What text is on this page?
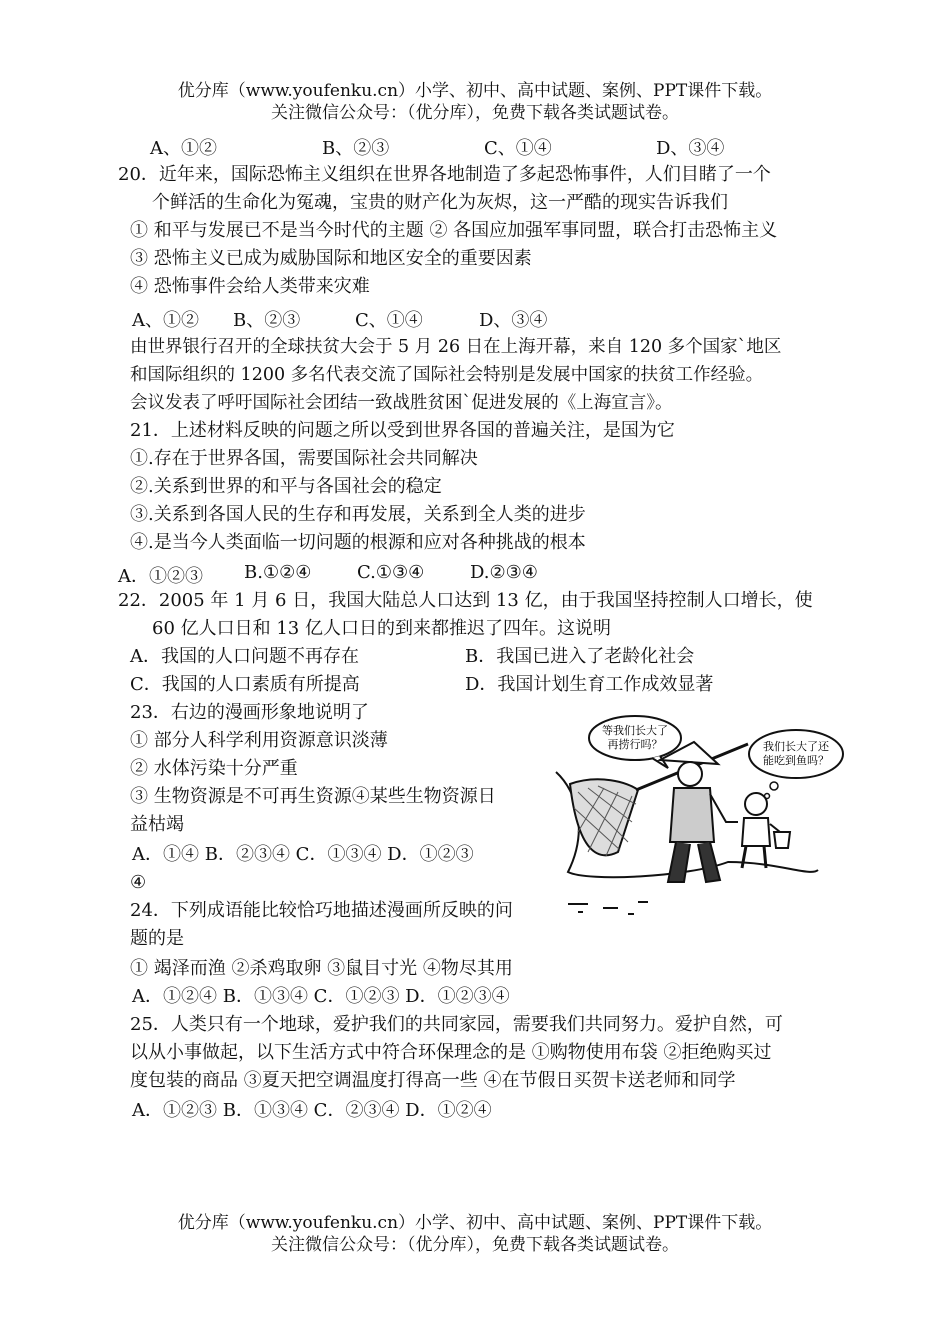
优分库（www.youfenku.cn）小学、初中、高中试题、案例、PPT课件下载。
关注微信公众号：（优分库），免费下载各类试题试卷。
A、①②	B、②③	C、①④	D、③④
20．近年来，国际恐怖主义组织在世界各地制造了多起恐怖事件，人们目睹了一个
个鲜活的生命化为冤魂，宝贵的财产化为灰烬，这一严酷的现实告诉我们
① 和平与发展已不是当今时代的主题 ② 各国应加强军事同盟，联合打击恐怖主义
③ 恐怖主义已成为威胁国际和地区安全的重要因素
④ 恐怖事件会给人类带来灾难
A、①② B、②③	C、①④	D、③④
由世界银行召开的全球扶贫大会于 5 月 26 日在上海开幕，来自 120 多个国家`地区
和国际组织的 1200 多名代表交流了国际社会特别是发展中国家的扶贫工作经验。
会议发表了呼吁国际社会团结一致战胜贫困`促进发展的《上海宣言》。
21．上述材料反映的问题之所以受到世界各国的普遍关注，是国为它
①.存在于世界各国，需要国际社会共同解决
②.关系到世界的和平与各国社会的稳定
③.关系到各国人民的生存和再发展，关系到全人类的进步
④.是当今人类面临一切问题的根源和应对各种挑战的根本
A．①②③ B.①②④	C.①③④	D.②③④
22．2005 年 1 月 6 日，我国大陆总人口达到 13 亿，由于我国坚持控制人口增长，使
60 亿人口日和 13 亿人口日的到来都推迟了四年。这说明
A．我国的人口问题不再存在	B．我国已进入了老龄化社会
C．我国的人口素质有所提高	D．我国计划生育工作成效显著
23．右边的漫画形象地说明了
① 部分人科学利用资源意识淡薄
② 水体污染十分严重
③ 生物资源是不可再生资源④某些生物资源日
益枯竭
A．①④ B．②③④ C．①③④ D．①②③
④
等我们长大了
再捞行吗？	我们长大了还
能吃到鱼吗？
24．下列成语能比较恰巧地描述漫画所反映的问
题的是
① 竭泽而渔 ②杀鸡取卵 ③鼠目寸光 ④物尽其用
A．①②④ B．①③④ C．①②③ D．①②③④
25．人类只有一个地球，爱护我们的共同家园，需要我们共同努力。爱护自然，可
以从小事做起，以下生活方式中符合环保理念的是 ①购物使用布袋 ②拒绝购买过
度包装的商品 ③夏天把空调温度打得高一些 ④在节假日买贺卡送老师和同学
A．①②③ B．①③④ C．②③④ D．①②④
优分库（www.youfenku.cn）小学、初中、高中试题、案例、PPT课件下载。
关注微信公众号：（优分库），免费下载各类试题试卷。
